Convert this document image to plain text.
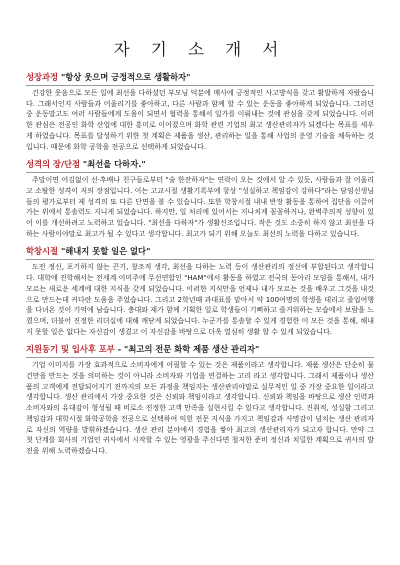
자 기 소 개 서
성장과정 "항상 웃으며 긍정적으로 생활하자"

건강한 웃음으로 모든 일에 최선을 다하셨던 부모님 덕분에 매사에 긍정적인 사고방식을 갖고 활발하게 자랐습니다. 그래서인지 사람들과 어울리기를 좋아하고, 다른 사람과 함께 할 수 있는 운동을 좋아하게 되었습니다. 그러던 중 운동말고도 여러 사람들에게 도움이 되면서 협력을 통해서 일가를 이뤄내는 것에 관심을 갖게 되었습니다. 이러한 관심은 전공인 화학 산업에 대한 흥미로 이어졌으며 화학 관련 기업의 최고 생산관리자가 되겠다는 목표를 세우게 하였습니다. 목표를 달성하기 위한 첫 계획은 제품을 생산, 관리하는 일을 통해 사업의 운영 기술을 체득하는 것입니다. 때문에 화학 공학을 전공으로 선택하게 되었습니다.

성격의 장/단점 "최선을 다하자."

주말이면 어김없이 선·후배나 친구들로부터 "술 한잔하자"는 연락이 오는 것에서 알 수 있듯, 사람들과 잘 어울리고 소탈한 성격이 저의 장점입니다. 이는 고교시절 생활기록부에 항상 "성실하고 책임감이 강하다"라는 담임선생님들의 평가로부터 제 성격의 또 다른 단면을 볼 수 있습니다. 또한 학창시절 내내 반장 활동을 통하여 집단을 이끌어 가는 위에서 통솔력도 지니게 되었습니다. 하지만, 일 처리에 있어서는 지나치게 꼼꼼하거나, 완벽주의적 성향이 있어 이를 개선하려고 노력하고 있습니다. "최선을 다하자"가 생활신조입니다. 작은 것도 소중히 하지 않고 최선을 다하는 사람이야말로 최고가 될 수 있다고 생각합니다. 최고가 되기 위해 오늘도 최선의 노력을 다하고 있습니다.

학창시절 "해내지 못할 일은 없다"

도전 정신, 포기하지 않는 끈기, 창조적 생각, 최선을 다하는 노력 등이 생산관리의 정신에 부합된다고 생각합니다. 대학에 진학해서는 전세계 이미주에 무선연합인 "HAM"에서 활동을 하였고 전국의 동아리 모임을 통해서, 내가 모르는 새로운 세계에 대한 지식을 갖게 되었습니다. 이러한 지식만을 언제나 내가 모르는 것을 배우고 그것을 내것으로 만드는데 커다란 도움을 주었습니다. 그리고 2학년때 과대표를 맡아서 약 100여명의 학생을 데리고 졸업여행을 다녀온 것이 기억에 남습니다. 충대와 제가 함께 기획한 일로 학생들이 기뻐하고 즐거워하는 모습에서 보람을 느꼈으며, 더불어 진정한 리더십에 대해 깨닫게 되었습니다. 누군가를 통솔할 수 있게 경험한 이 모든 것을 통해, 해내지 못할 일은 없다는 자신감이 생겼고 이 자신감을 바탕으로 더욱 열심히 생활 할 수 있게 되었습니다.

지원동기 및 입사후 포부 - "최고의 전문 화학 제품 생산 관리자"

기업 이미지를 가장 효과적으로 소비자에게 어필할 수 있는 것은 제품이라고 생각합니다. 제품 생산은 단순히 물건만을 만드는 것을 의미하는 것이 아니라 소비자와 기업을 연결하는 고리 라고 생각합니다. 그래서 제품이나 생산품의 고객에게 전달되어지기 전까지의 모든 과정을 책임지는 생산관리야말로 실무적인 일 중 가장 중요한 일이라고 생각합니다. 생산 관리에서 가장 중요한 것은 신뢰와 책임이라고 생각합니다. 신뢰와 책임을 바탕으로 생산 인력과 소비자와의 유대감이 형성될 때 비로소 진정한 고객 만족을 실현시킬 수 있다고 생각합니다. 진취적, 성실함 그리고 책임감과 대학시절 화학공학을 전공으로 선택하여 익힌 전문 지식을 가지고 책임감과 사명감이 넘치는 생산 관리자로 자신의 역량을 발휘하겠습니다. 생산 관리 분야에서 경험을 쌓아 최고의 생산관리자가 되고자 합니다. 만약 그 첫 단계를 회사의 기업인 귀사에서 시작할 수 있는 영광을 주신다면 철저한 준비 정신과 치밀한 계획으로 귀사의 발전을 위해 노력하겠습니다.
